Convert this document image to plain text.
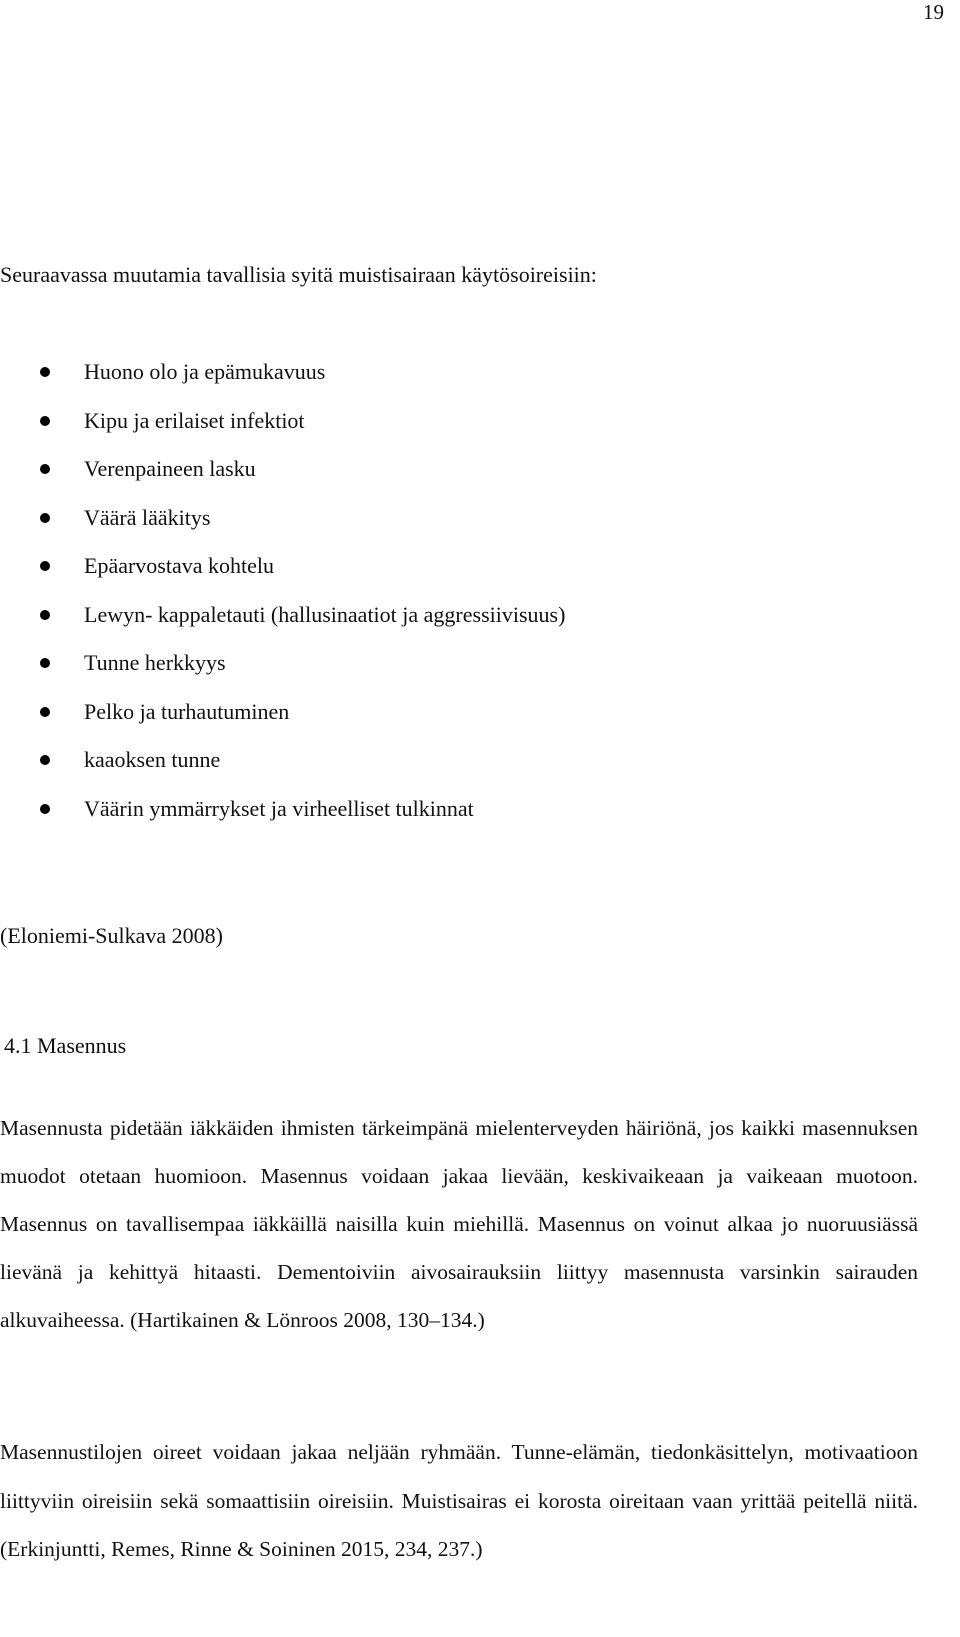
19

Seuraavassa muutamia tavallisia syitä muistisairaan käytösoireisiin:

Huono olo ja epämukavuus
Kipu ja erilaiset infektiot
Verenpaineen lasku
Väärä lääkitys
Epäarvostava kohtelu
Lewyn- kappaletauti (hallusinaatiot ja aggressiivisuus)
Tunne herkkyys
Pelko ja turhautuminen
kaaoksen tunne
Väärin ymmärrykset ja virheelliset tulkinnat

(Eloniemi-Sulkava 2008)

4.1 Masennus

Masennusta pidetään iäkkäiden ihmisten tärkeimpänä mielenterveyden häiriönä, jos kaikki masennuksen muodot otetaan huomioon. Masennus voidaan jakaa lievään, keskivaikeaan ja vaikeaan muotoon. Masennus on tavallisempaa iäkkäillä naisilla kuin miehillä. Masennus on voinut alkaa jo nuoruusiässä lievänä ja kehittyä hitaasti. Dementoiviin aivosairauksiin liittyy masennusta varsinkin sairauden alkuvaiheessa. (Hartikainen & Lönroos 2008, 130–134.)

Masennustilojen oireet voidaan jakaa neljään ryhmään. Tunne-elämän, tiedonkäsittelyn, motivaatioon liittyviin oireisiin sekä somaattisiin oireisiin. Muistisairas ei korosta oireitaan vaan yrittää peitellä niitä. (Erkinjuntti, Remes, Rinne & Soininen 2015, 234, 237.)
